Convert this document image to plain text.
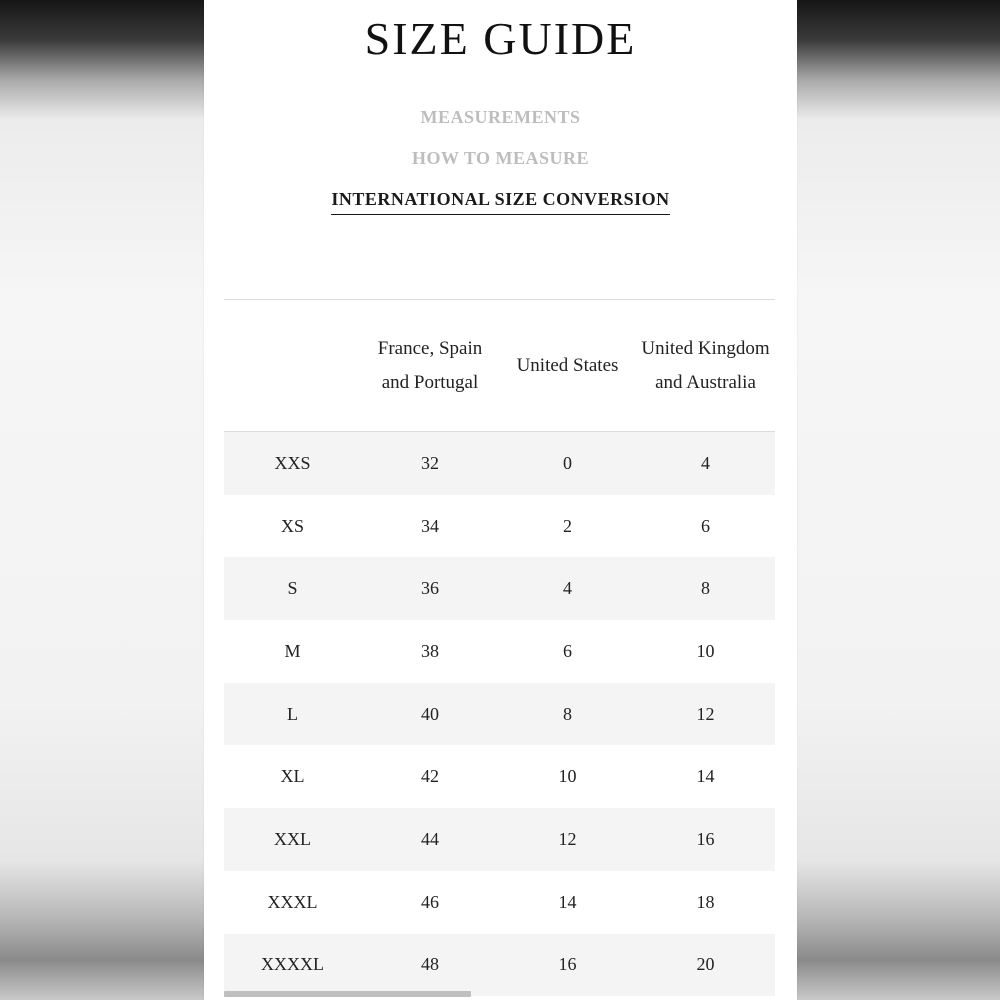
SIZE GUIDE
MEASUREMENTS
HOW TO MEASURE
INTERNATIONAL SIZE CONVERSION
	France, Spain and Portugal	United States	United Kingdom and Australia
XXS	32	0	4
XS	34	2	6
S	36	4	8
M	38	6	10
L	40	8	12
XL	42	10	14
XXL	44	12	16
XXXL	46	14	18
XXXXL	48	16	20
